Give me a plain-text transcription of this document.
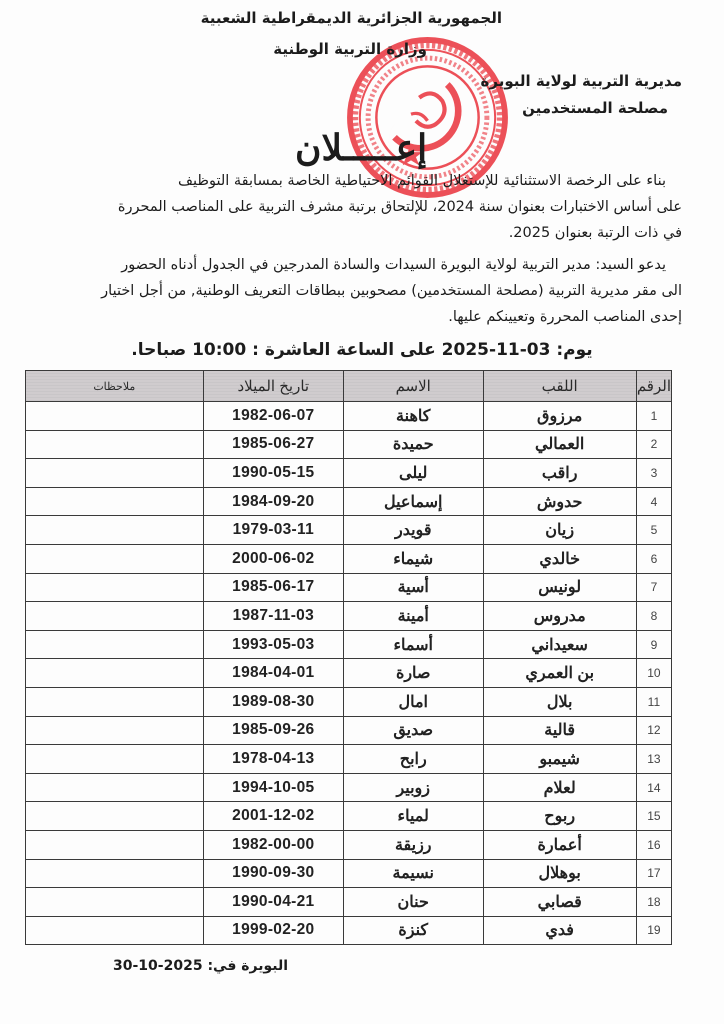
الجمهورية الجزائرية الديمقراطية الشعبية
وزارة التربية الوطنية
مديرية التربية لولاية البويرة
مصلحة المستخدمين
إعـــــلان
بناء على الرخصة الاستثنائية للإستغلال القوائم الاحتياطية الخاصة بمسابقة التوظيف
على أساس الاختبارات بعنوان سنة 2024، للإلتحاق برتبة مشرف التربية على المناصب المحررة
في ذات الرتبة بعنوان 2025.
يدعو السيد: مدير التربية لولاية البويرة السيدات والسادة المدرجين في الجدول أدناه الحضور
الى مقر مديرية التربية (مصلحة المستخدمين) مصحوبين ببطاقات التعريف الوطنية, من أجل اختيار
إحدى المناصب المحررة وتعيينكم عليها.
يوم: 03-11-2025 على الساعة العاشرة : 10:00 صباحا.
الرقم	اللقب	الاسم	تاريخ الميلاد	ملاحظات
1	مرزوق	كاهنة	1982-06-07	
2	العمالي	حميدة	1985-06-27	
3	راقب	ليلى	1990-05-15	
4	حدوش	إسماعيل	1984-09-20	
5	زيان	قويدر	1979-03-11	
6	خالدي	شيماء	2000-06-02	
7	لونيس	أسية	1985-06-17	
8	مدروس	أمينة	1987-11-03	
9	سعيداني	أسماء	1993-05-03	
10	بن العمري	صارة	1984-04-01	
11	بلال	امال	1989-08-30	
12	قالية	صديق	1985-09-26	
13	شيمبو	رابح	1978-04-13	
14	لعلام	زوبير	1994-10-05	
15	ربوح	لمياء	2001-12-02	
16	أعمارة	رزيقة	1982-00-00	
17	بوهلال	نسيمة	1990-09-30	
18	قصابي	حنان	1990-04-21	
19	فدي	كنزة	1999-02-20	
البويرة في: 2025-10-30
